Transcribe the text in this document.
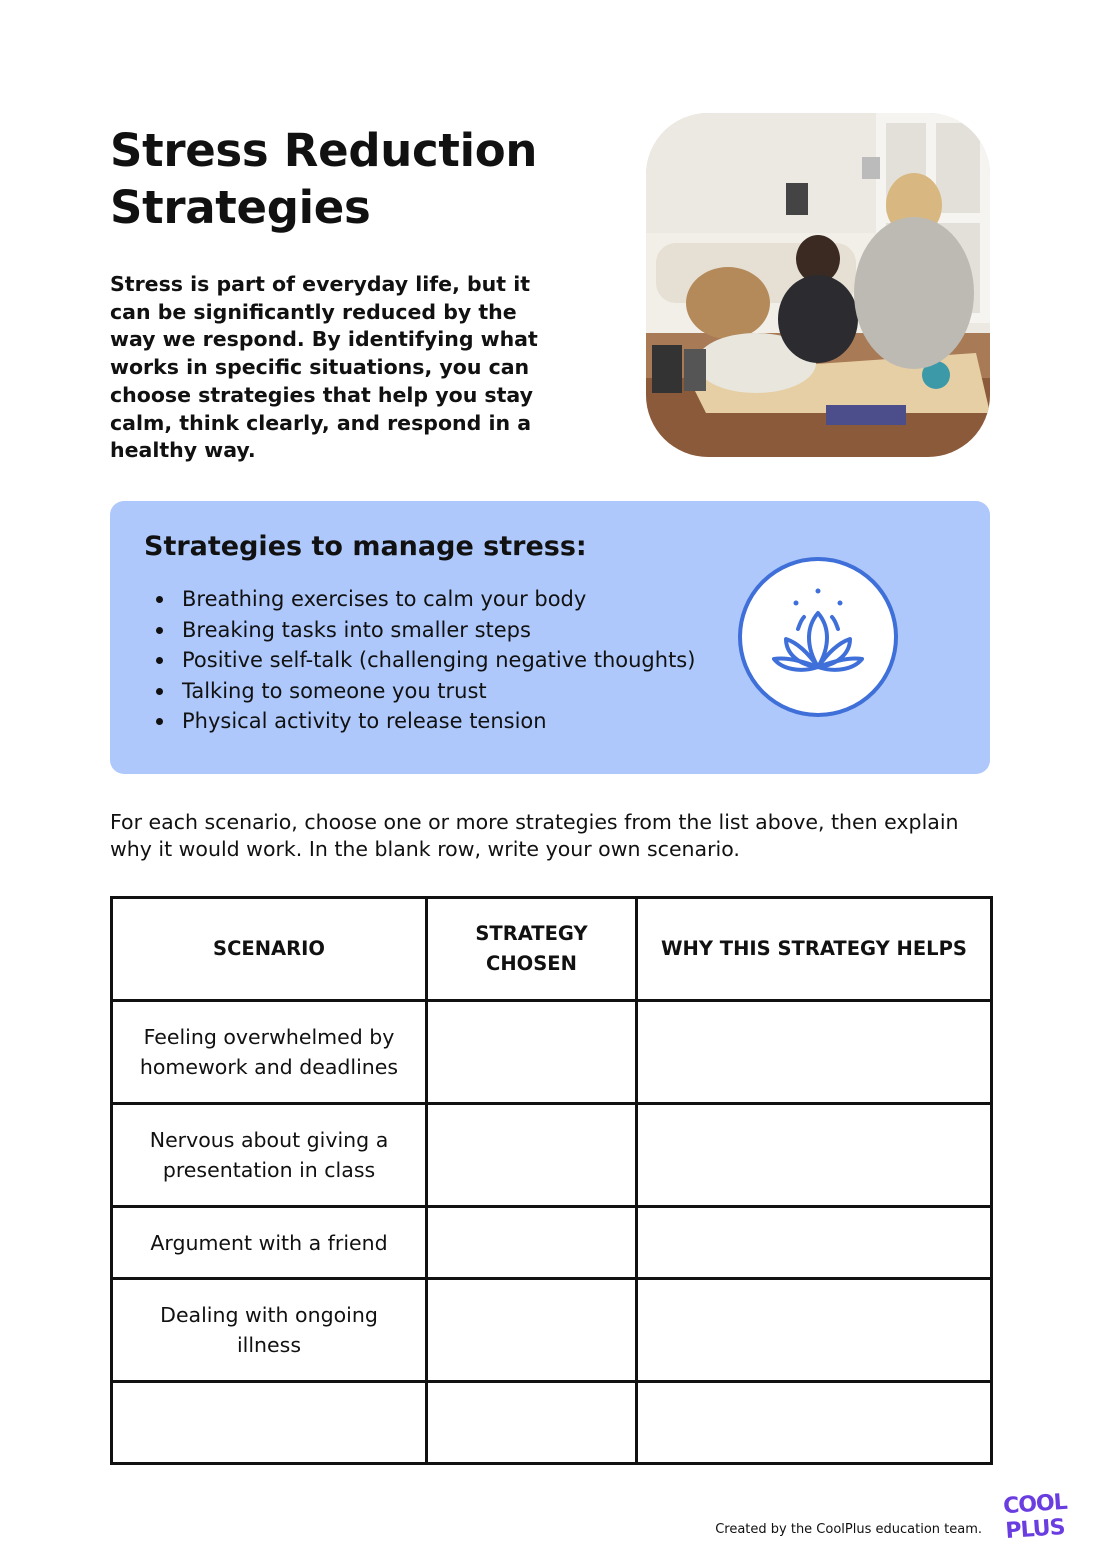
Stress Reduction Strategies

Stress is part of everyday life, but it can be significantly reduced by the way we respond. By identifying what works in specific situations, you can choose strategies that help you stay calm, think clearly, and respond in a healthy way.

Strategies to manage stress:
Breathing exercises to calm your body
Breaking tasks into smaller steps
Positive self-talk (challenging negative thoughts)
Talking to someone you trust
Physical activity to release tension

For each scenario, choose one or more strategies from the list above, then explain why it would work. In the blank row, write your own scenario.

SCENARIO	STRATEGY CHOSEN	WHY THIS STRATEGY HELPS
Feeling overwhelmed by homework and deadlines		
Nervous about giving a presentation in class		
Argument with a friend		
Dealing with ongoing illness		

Created by the CoolPlus education team.
COOL
PLUS
